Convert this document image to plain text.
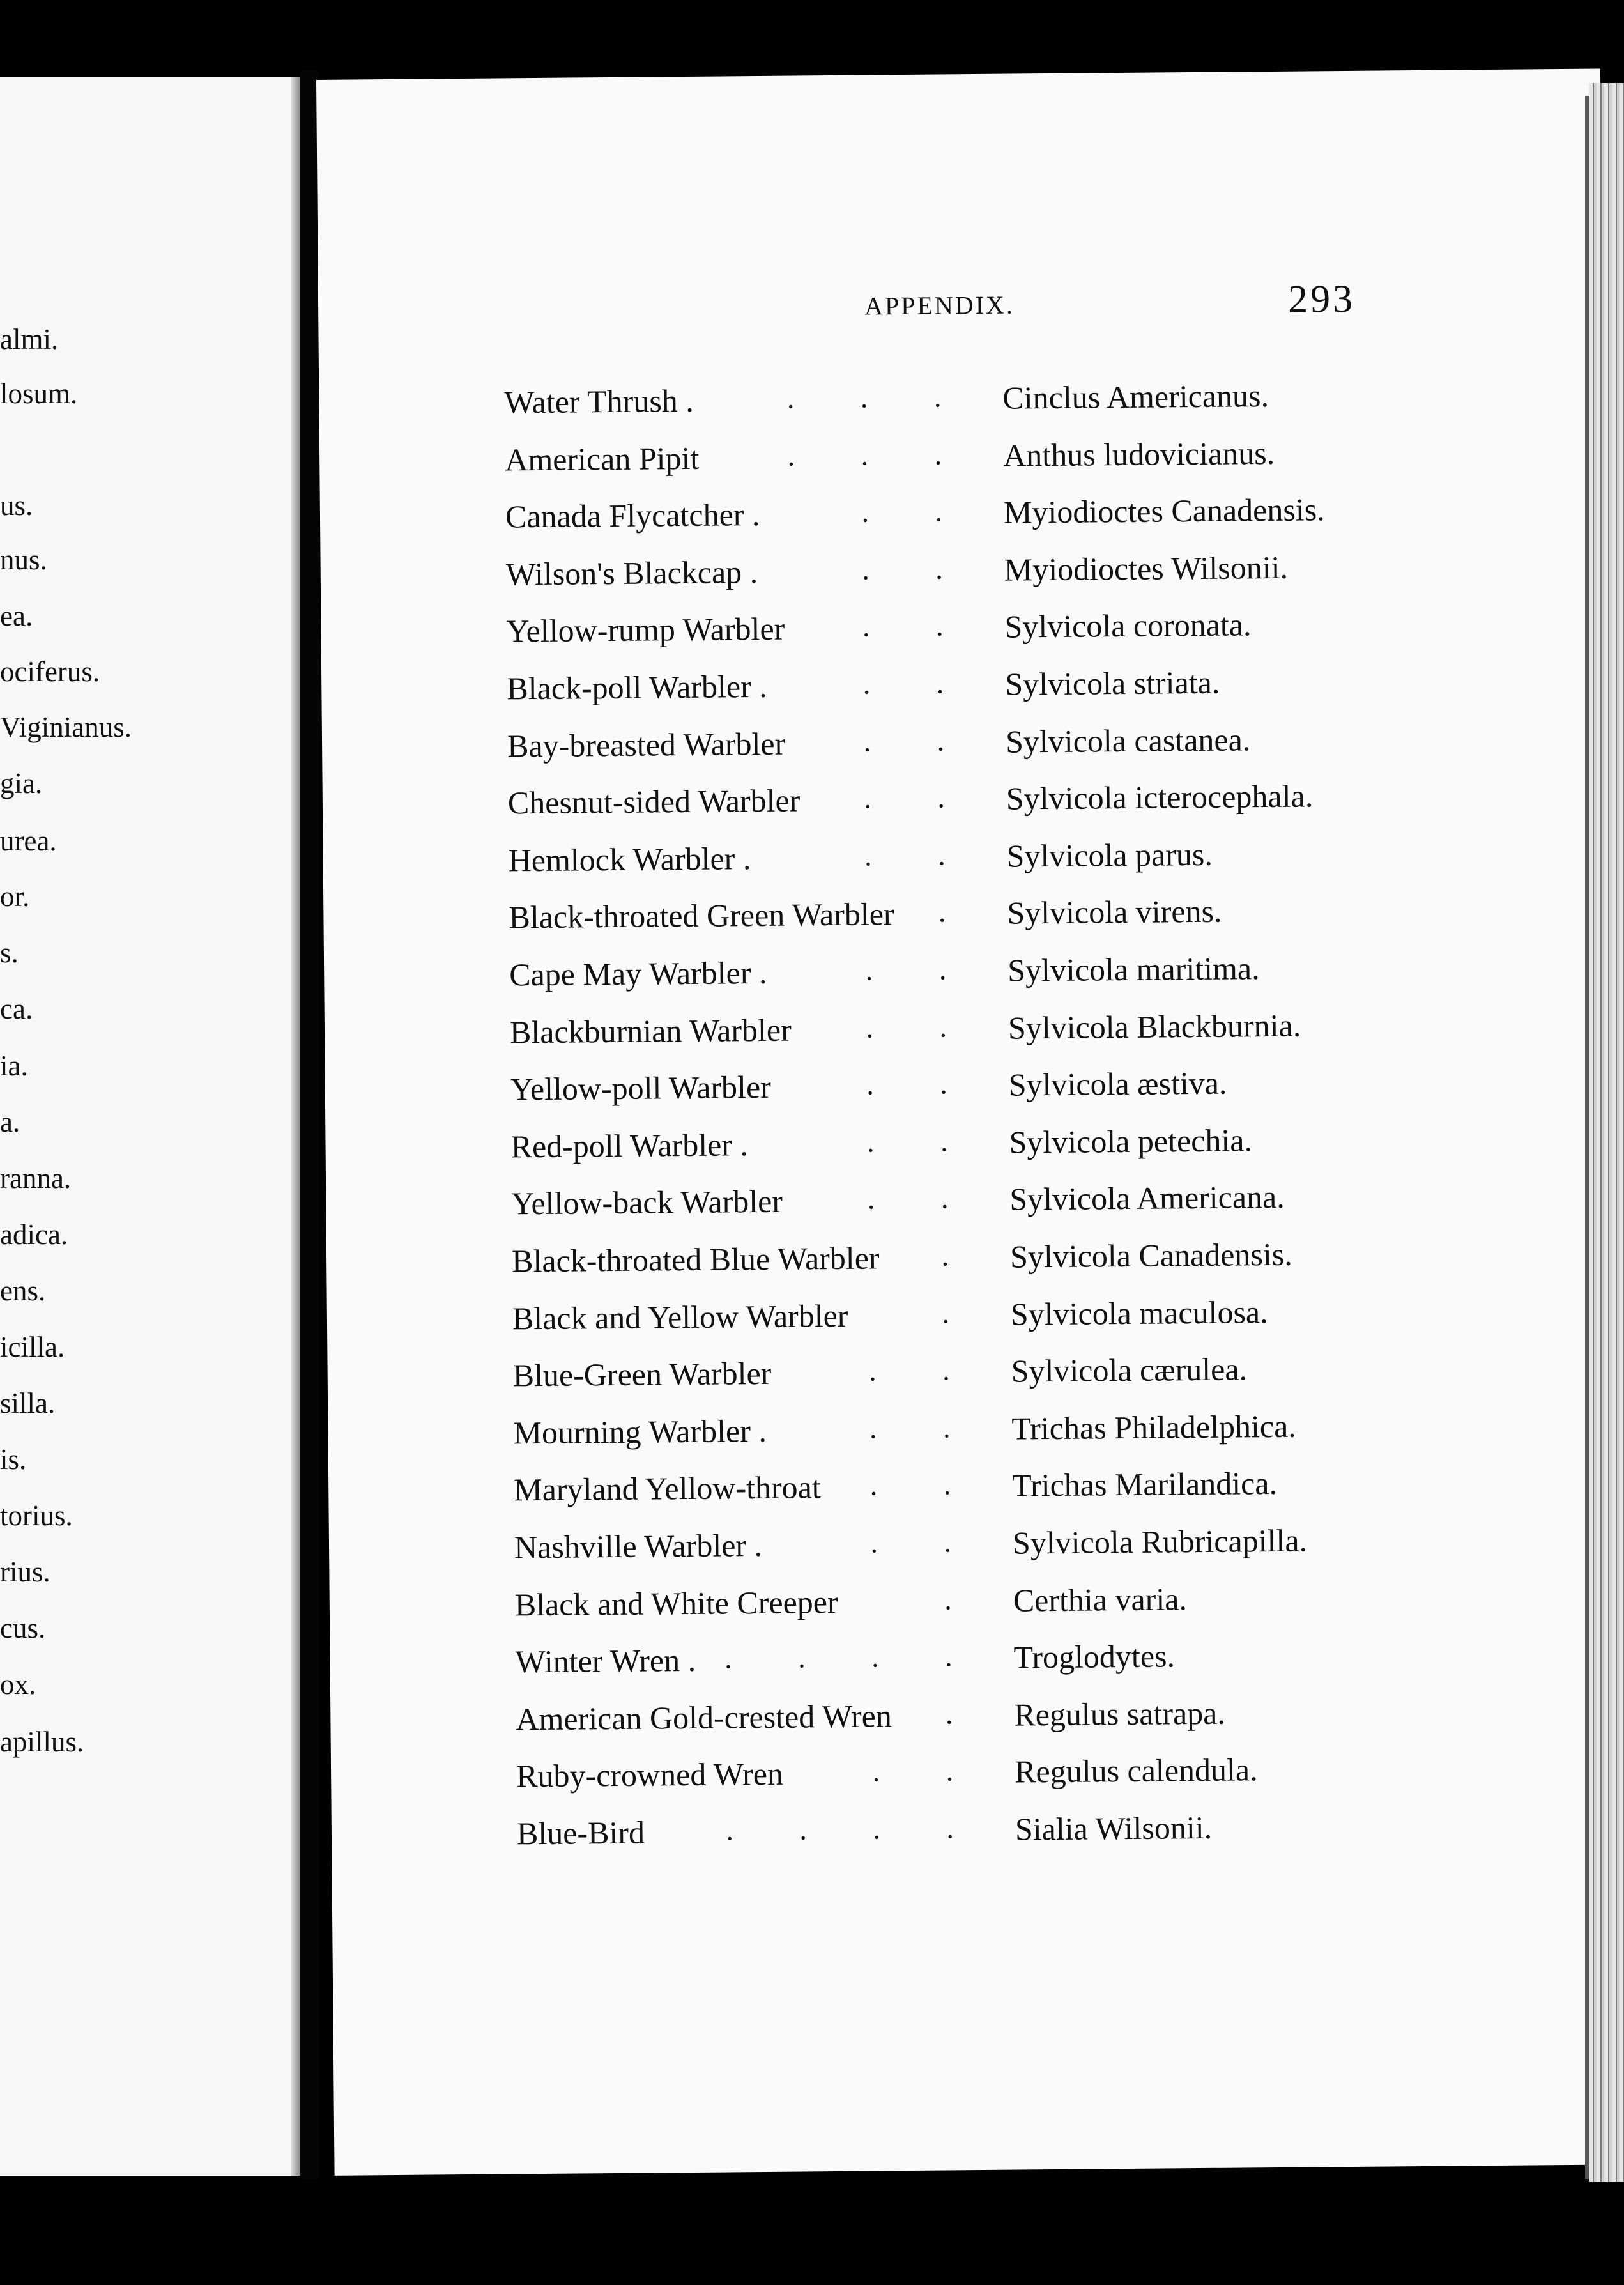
almi.
losum.
us.
nus.
ea.
ociferus.
Viginianus.
gia.
urea.
or.
s.
ca.
ia.
a.
ranna.
adica.
ens.
icilla.
silla.
is.
torius.
rius.
cus.
ox.
apillus.
APPENDIX.	293
Water Thrush .	. . . Cinclus Americanus.
American Pipit	. . . Anthus ludovicianus.
Canada Flycatcher .	. . Myiodioctes Canadensis.
Wilson's Blackcap .	. . Myiodioctes Wilsonii.
Yellow-rump Warbler	. . Sylvicola coronata.
Black-poll Warbler .	. . Sylvicola striata.
Bay-breasted Warbler	. . Sylvicola castanea.
Chesnut-sided Warbler	. . Sylvicola icterocephala.
Hemlock Warbler .	. . Sylvicola parus.
Black-throated Green Warbler	. Sylvicola virens.
Cape May Warbler .	. . Sylvicola maritima.
Blackburnian Warbler	. . Sylvicola Blackburnia.
Yellow-poll Warbler	. . Sylvicola æstiva.
Red-poll Warbler .	. . Sylvicola petechia.
Yellow-back Warbler	. . Sylvicola Americana.
Black-throated Blue Warbler	. Sylvicola Canadensis.
Black and Yellow Warbler	. Sylvicola maculosa.
Blue-Green Warbler	. . Sylvicola cærulea.
Mourning Warbler .	. . Trichas Philadelphica.
Maryland Yellow-throat	. . Trichas Marilandica.
Nashville Warbler .	. . Sylvicola Rubricapilla.
Black and White Creeper	. Certhia varia.
Winter Wren . . . . . Troglodytes.
American Gold-crested Wren	. Regulus satrapa.
Ruby-crowned Wren	. . Regulus calendula.
Blue-Bird	. . . . Sialia Wilsonii.
